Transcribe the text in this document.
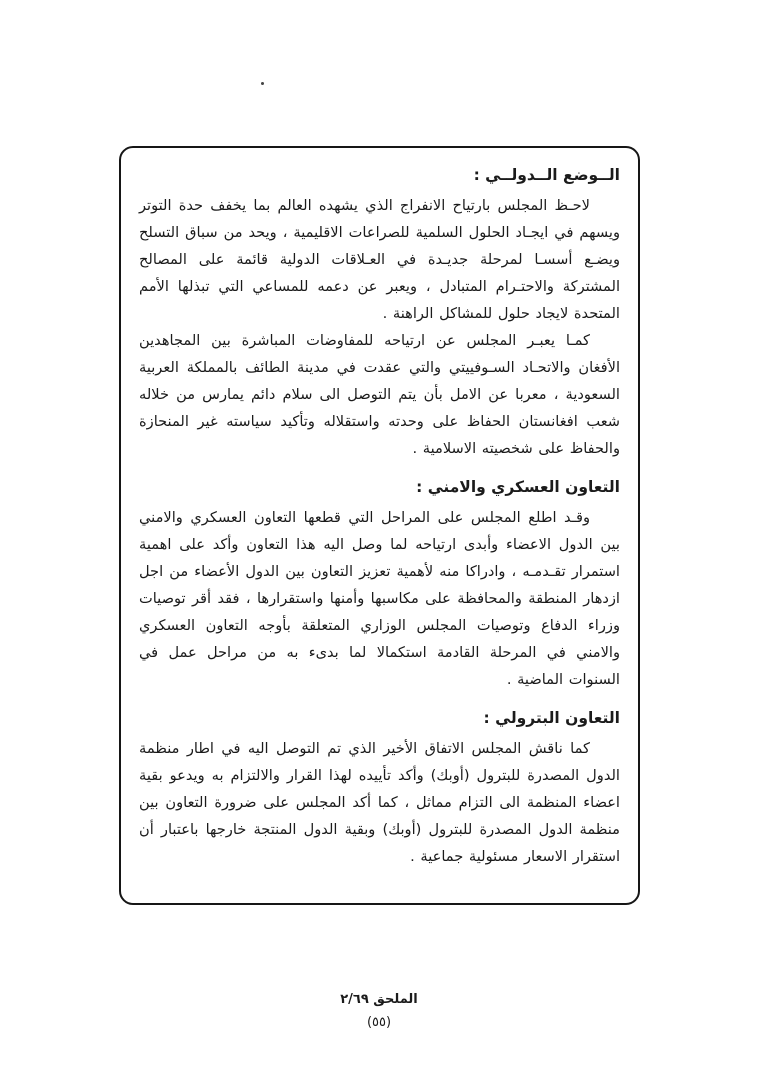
الــوضع الــدولــي :

لاحـظ المجلس بارتياح الانفراج الذي يشهده العالم بما يخفف حدة التوتر ويسهم في ايجـاد الحلول السلمية للصراعات الاقليمية ، ويحد من سباق التسلح ويضـع أسسـا لمرحلة جديـدة في العـلاقات الدولية قائمة على المصالح المشتركة والاحتـرام المتبادل ، ويعبر عن دعمه للمساعي التي تبذلها الأمم المتحدة لايجاد حلول للمشاكل الراهنة .

كمـا يعبـر المجلس عن ارتياحه للمفاوضات المباشرة بين المجاهدين الأفغان والاتحـاد السـوفييتي والتي عقدت في مدينة الطائف بالمملكة العربية السعودية ، معربا عن الامل بأن يتم التوصل الى سلام دائم يمارس من خلاله شعب افغانستان الحفاظ على وحدته واستقلاله وتأكيد سياسته غير المنحازة والحفاظ على شخصيته الاسلامية .

التعاون العسكري والامني :

وقـد اطلع المجلس على المراحل التي قطعها التعاون العسكري والامني بين الدول الاعضاء وأبدى ارتياحه لما وصل اليه هذا التعاون وأكد على اهمية استمرار تقـدمـه ، وادراكا منه لأهمية تعزيز التعاون بين الدول الأعضاء من اجل ازدهار المنطقة والمحافظة على مكاسبها وأمنها واستقرارها ، فقد أقر توصيات وزراء الدفاع وتوصيات المجلس الوزاري المتعلقة بأوجه التعاون العسكري والامني في المرحلة القادمة استكمالا لما بدىء به من مراحل عمل في السنوات الماضية .

التعاون البترولي :

كما ناقش المجلس الاتفاق الأخير الذي تم التوصل اليه في اطار منظمة الدول المصدرة للبترول (أوبك) وأكد تأييده لهذا القرار والالتزام به ويدعو بقية اعضاء المنظمة الى التزام مماثل ، كما أكد المجلس على ضرورة التعاون بين منظمة الدول المصدرة للبترول (أوبك) وبقية الدول المنتجة خارجها باعتبار أن استقرار الاسعار مسئولية جماعية .

الملحق ٢/٦٩
(٥٥)
